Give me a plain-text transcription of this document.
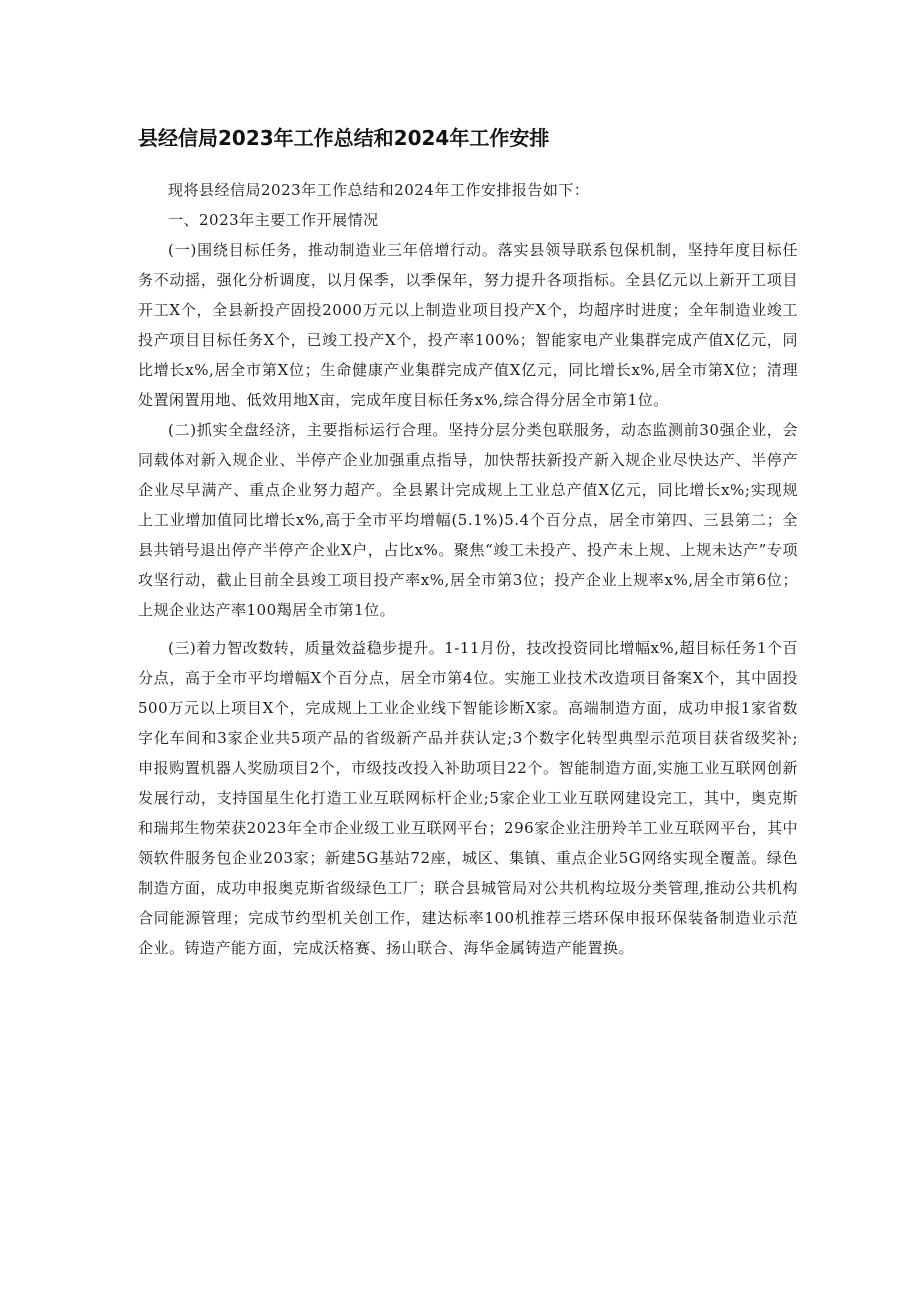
县经信局2023年工作总结和2024年工作安排

现将县经信局2023年工作总结和2024年工作安排报告如下：

一、2023年主要工作开展情况

(一)围绕目标任务，推动制造业三年倍增行动。落实县领导联系包保机制，坚持年度目标任务不动摇，强化分析调度，以月保季，以季保年，努力提升各项指标。全县亿元以上新开工项目开工X个，全县新投产固投2000万元以上制造业项目投产X个，均超序时进度；全年制造业竣工投产项目目标任务X个，已竣工投产X个，投产率100%；智能家电产业集群完成产值X亿元，同比增长x%,居全市第X位；生命健康产业集群完成产值X亿元，同比增长x%,居全市第X位；清理处置闲置用地、低效用地X亩，完成年度目标任务x%,综合得分居全市第1位。

(二)抓实全盘经济，主要指标运行合理。坚持分层分类包联服务，动态监测前30强企业，会同载体对新入规企业、半停产企业加强重点指导，加快帮扶新投产新入规企业尽快达产、半停产企业尽早满产、重点企业努力超产。全县累计完成规上工业总产值X亿元，同比增长x%;实现规上工业增加值同比增长x%,高于全市平均增幅(5.1%)5.4个百分点，居全市第四、三县第二；全县共销号退出停产半停产企业X户，占比x%。聚焦“竣工未投产、投产未上规、上规未达产”专项攻坚行动，截止目前全县竣工项目投产率x%,居全市第3位；投产企业上规率x%,居全市第6位；上规企业达产率100羯居全市第1位。

(三)着力智改数转，质量效益稳步提升。1-11月份，技改投资同比增幅x%,超目标任务1个百分点，高于全市平均增幅X个百分点，居全市第4位。实施工业技术改造项目备案X个，其中固投500万元以上项目X个，完成规上工业企业线下智能诊断X家。高端制造方面，成功申报1家省数字化车间和3家企业共5项产品的省级新产品并获认定;3个数字化转型典型示范项目获省级奖补;申报购置机器人奖励项目2个，市级技改投入补助项目22个。智能制造方面,实施工业互联网创新发展行动，支持国星生化打造工业互联网标杆企业;5家企业工业互联网建设完工，其中，奥克斯和瑞邦生物荣获2023年全市企业级工业互联网平台；296家企业注册羚羊工业互联网平台，其中领软件服务包企业203家；新建5G基站72座，城区、集镇、重点企业5G网络实现全覆盖。绿色制造方面，成功申报奥克斯省级绿色工厂；联合县城管局对公共机构垃圾分类管理,推动公共机构合同能源管理；完成节约型机关创工作，建达标率100机推荐三塔环保申报环保装备制造业示范企业。铸造产能方面，完成沃格赛、扬山联合、海华金属铸造产能置换。
